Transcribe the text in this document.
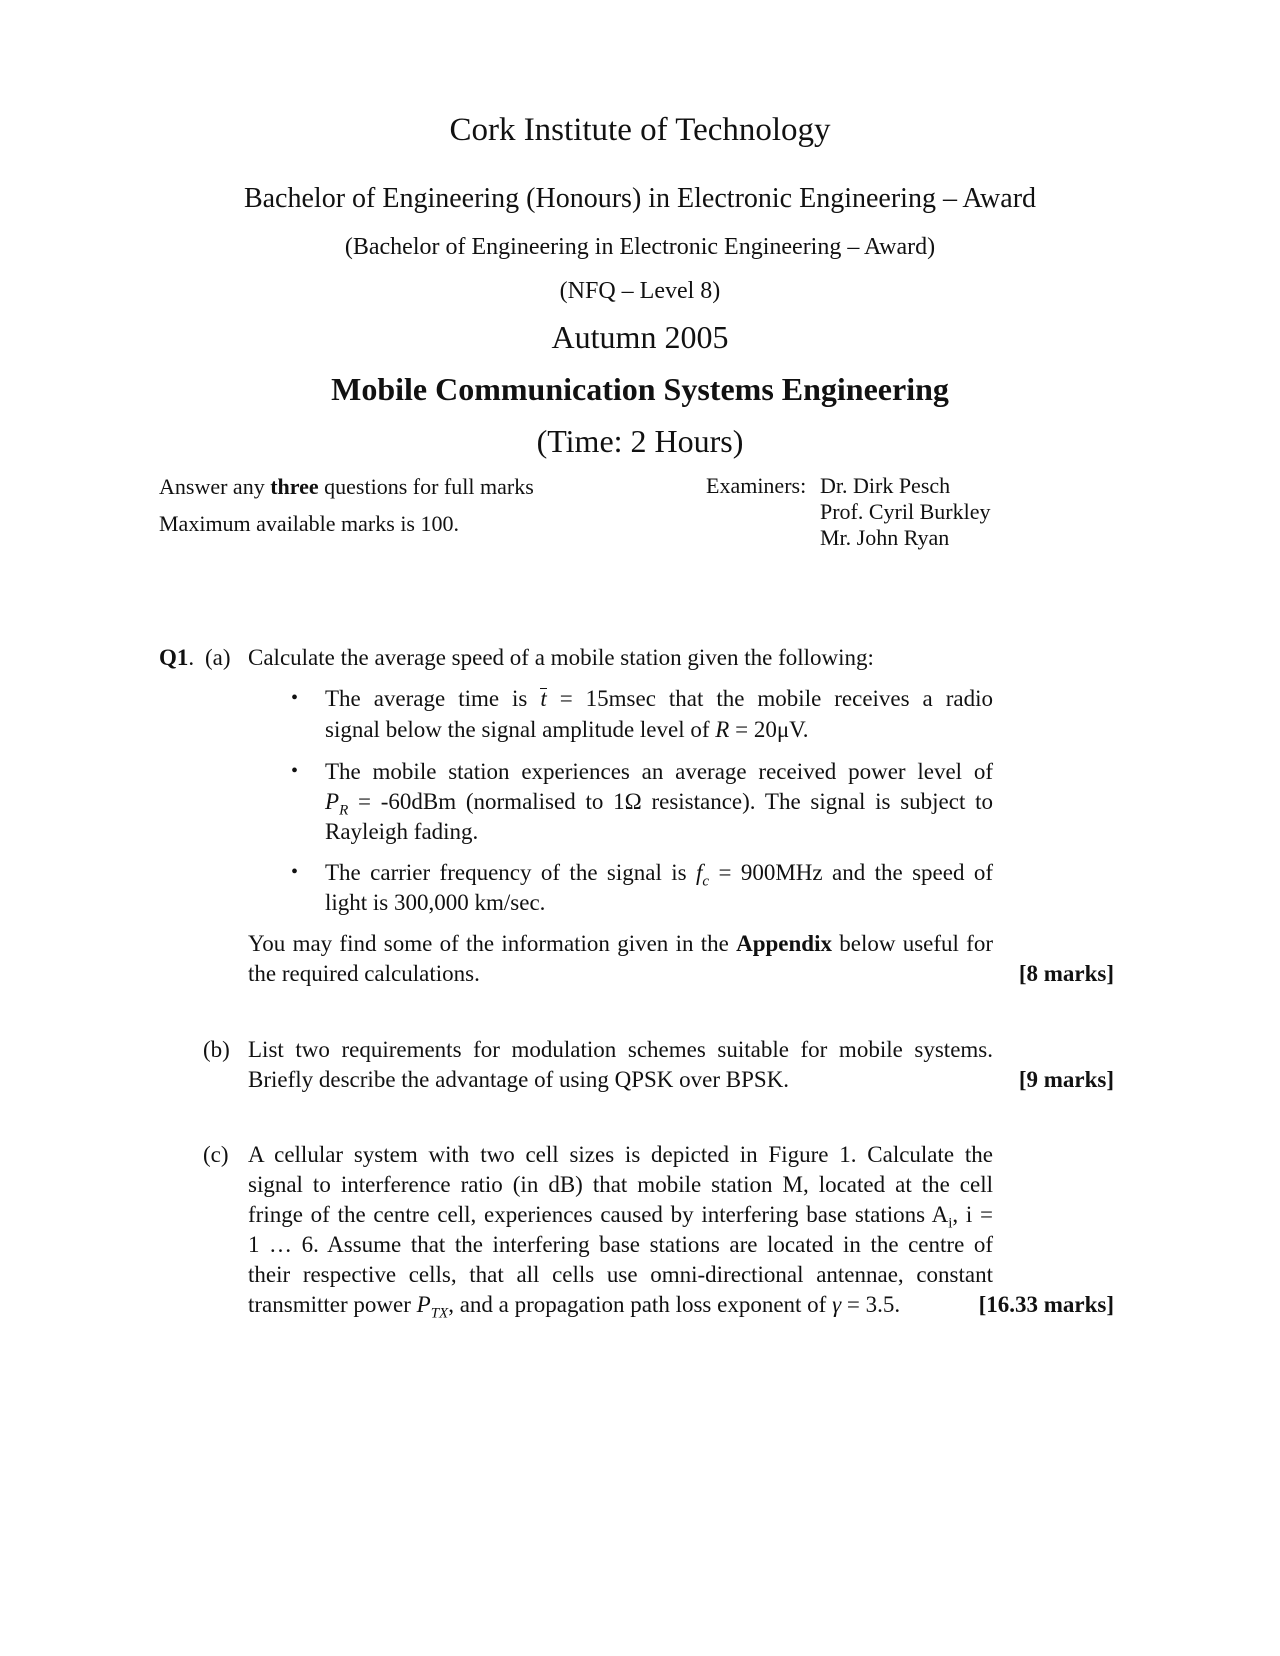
Cork Institute of Technology
Bachelor of Engineering (Honours) in Electronic Engineering – Award
(Bachelor of Engineering in Electronic Engineering – Award)
(NFQ – Level 8)
Autumn 2005
Mobile Communication Systems Engineering
(Time: 2 Hours)
Answer any three questions for full marks
Maximum available marks is 100.
Examiners: Dr. Dirk Pesch
Prof. Cyril Burkley
Mr. John Ryan
Q1. (a) Calculate the average speed of a mobile station given the following:
• The average time is t = 15msec that the mobile receives a radio
signal below the signal amplitude level of R = 20μV.
• The mobile station experiences an average received power level of
$P_R = -60dBm$ (normalised to 1Ω resistance). The signal is subject to
Rayleigh fading.
• The carrier frequency of the signal is $f_c = 900MHz$ and the speed of
light is 300,000 km/sec.
You may find some of the information given in the Appendix below useful for
the required calculations.	[8 marks]
(b) List two requirements for modulation schemes suitable for mobile systems.
Briefly describe the advantage of using QPSK over BPSK.	[9 marks]
(c) A cellular system with two cell sizes is depicted in Figure 1. Calculate the
signal to interference ratio (in dB) that mobile station M, located at the cell
fringe of the centre cell, experiences caused by interfering base stations $A_i$, i =
1 … 6. Assume that the interfering base stations are located in the centre of
their respective cells, that all cells use omni-directional antennae, constant
transmitter power $P_{TX}$, and a propagation path loss exponent of γ = 3.5.	[16.33 marks]
